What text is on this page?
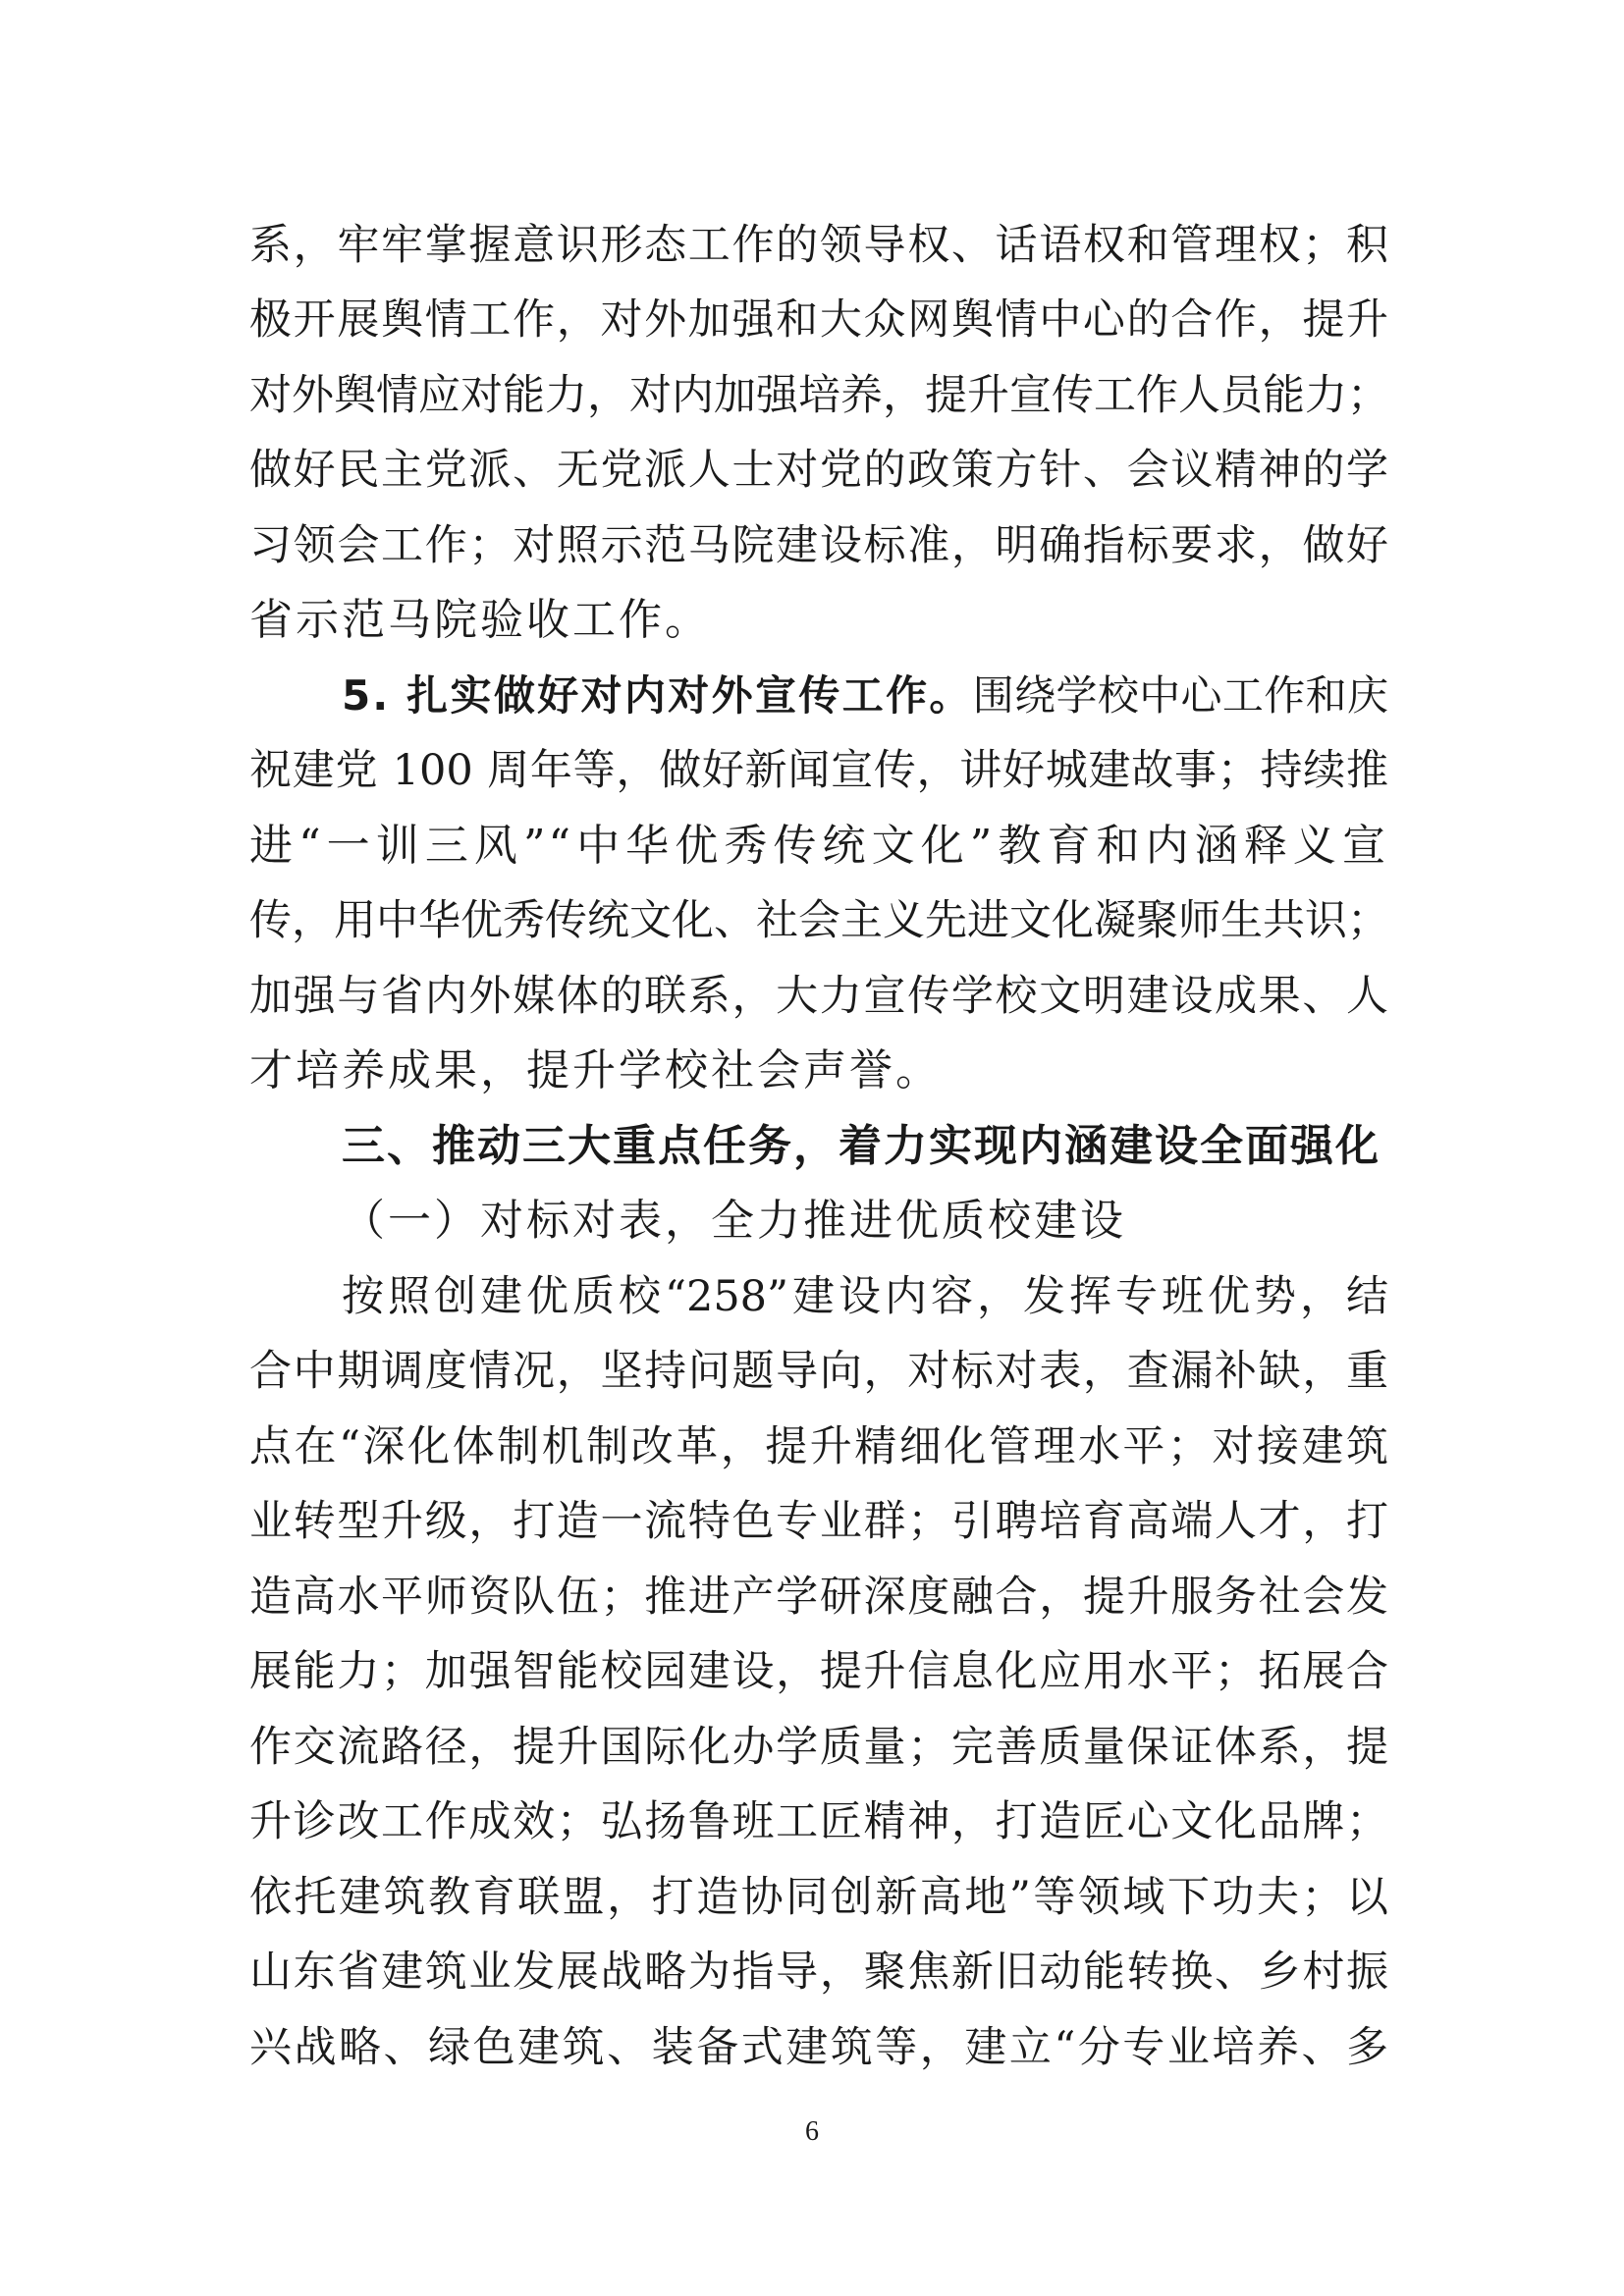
系，牢牢掌握意识形态工作的领导权、话语权和管理权；积
极开展舆情工作，对外加强和大众网舆情中心的合作，提升
对外舆情应对能力，对内加强培养，提升宣传工作人员能力；
做好民主党派、无党派人士对党的政策方针、会议精神的学
习领会工作；对照示范马院建设标准，明确指标要求，做好
省示范马院验收工作。
5. 扎实做好对内对外宣传工作。围绕学校中心工作和庆
祝建党 100 周年等，做好新闻宣传，讲好城建故事；持续推
进“一训三风”“中华优秀传统文化”教育和内涵释义宣
传，用中华优秀传统文化、社会主义先进文化凝聚师生共识；
加强与省内外媒体的联系，大力宣传学校文明建设成果、人
才培养成果，提升学校社会声誉。
三、推动三大重点任务，着力实现内涵建设全面强化
（一）对标对表，全力推进优质校建设
按照创建优质校“258”建设内容，发挥专班优势，结
合中期调度情况，坚持问题导向，对标对表，查漏补缺，重
点在“深化体制机制改革，提升精细化管理水平；对接建筑
业转型升级，打造一流特色专业群；引聘培育高端人才，打
造高水平师资队伍；推进产学研深度融合，提升服务社会发
展能力；加强智能校园建设，提升信息化应用水平；拓展合
作交流路径，提升国际化办学质量；完善质量保证体系，提
升诊改工作成效；弘扬鲁班工匠精神，打造匠心文化品牌；
依托建筑教育联盟，打造协同创新高地”等领域下功夫；以
山东省建筑业发展战略为指导，聚焦新旧动能转换、乡村振
兴战略、绿色建筑、装备式建筑等，建立“分专业培养、多
6
